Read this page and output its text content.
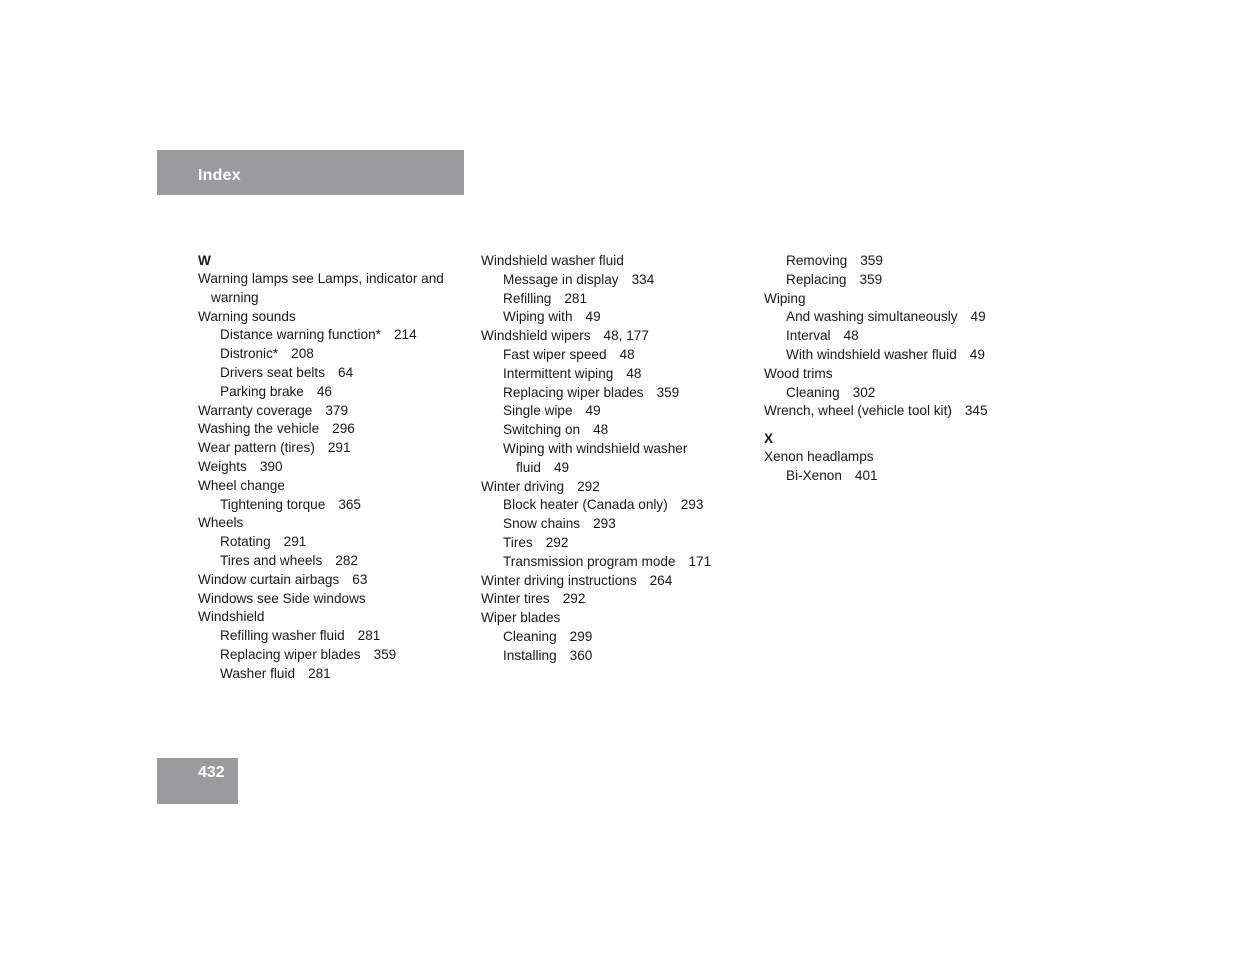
Index
W
Warning lamps see Lamps, indicator and
warning
Warning sounds
Distance warning function* 214
Distronic* 208
Drivers seat belts 64
Parking brake 46
Warranty coverage 379
Washing the vehicle 296
Wear pattern (tires) 291
Weights 390
Wheel change
Tightening torque 365
Wheels
Rotating 291
Tires and wheels 282
Window curtain airbags 63
Windows see Side windows
Windshield
Refilling washer fluid 281
Replacing wiper blades 359
Washer fluid 281
Windshield washer fluid
Message in display 334
Refilling 281
Wiping with 49
Windshield wipers 48, 177
Fast wiper speed 48
Intermittent wiping 48
Replacing wiper blades 359
Single wipe 49
Switching on 48
Wiping with windshield washer
fluid 49
Winter driving 292
Block heater (Canada only) 293
Snow chains 293
Tires 292
Transmission program mode 171
Winter driving instructions 264
Winter tires 292
Wiper blades
Cleaning 299
Installing 360
Removing 359
Replacing 359
Wiping
And washing simultaneously 49
Interval 48
With windshield washer fluid 49
Wood trims
Cleaning 302
Wrench, wheel (vehicle tool kit) 345
X
Xenon headlamps
Bi-Xenon 401
432
